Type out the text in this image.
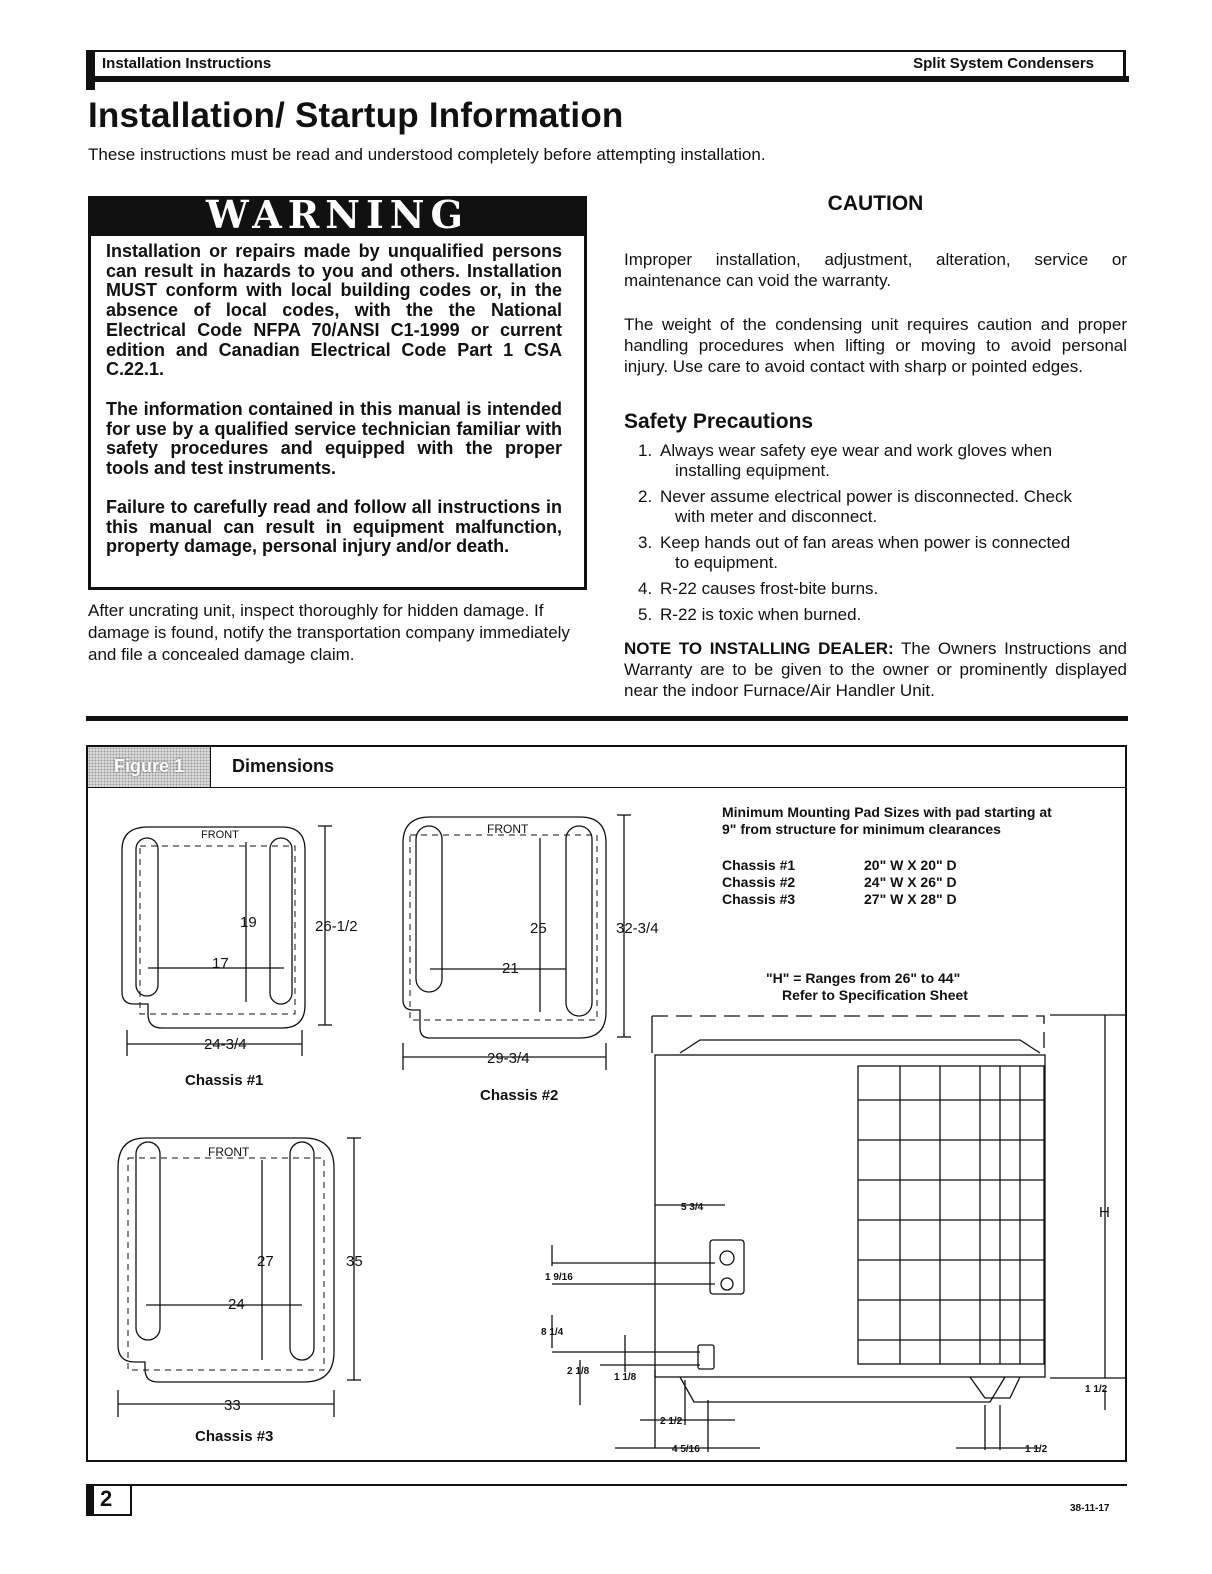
Installation Instructions	Split System Condensers
Installation/ Startup Information
These instructions must be read and understood completely before attempting installation.
WARNING
Installation or repairs made by unqualified persons can result in hazards to you and others. Installation MUST conform with local building codes or, in the absence of local codes, with the the National Electrical Code NFPA 70/ANSI C1-1999 or current edition and Canadian Electrical Code Part 1 CSA C.22.1.
The information contained in this manual is intended for use by a qualified service technician familiar with safety procedures and equipped with the proper tools and test instruments.
Failure to carefully read and follow all instructions in this manual can result in equipment malfunction, property damage, personal injury and/or death.
After uncrating unit, inspect thoroughly for hidden damage. If damage is found, notify the transportation company immediately and file a concealed damage claim.
CAUTION
Improper installation, adjustment, alteration, service or maintenance can void the warranty.
The weight of the condensing unit requires caution and proper handling procedures when lifting or moving to avoid personal injury. Use care to avoid contact with sharp or pointed edges.
Safety Precautions
1. Always wear safety eye wear and work gloves when
installing equipment.
2. Never assume electrical power is disconnected. Check
with meter and disconnect.
3. Keep hands out of fan areas when power is connected
to equipment.
4. R-22 causes frost-bite burns.
5. R-22 is toxic when burned.
NOTE TO INSTALLING DEALER: The Owners Instructions and Warranty are to be given to the owner or prominently displayed near the indoor Furnace/Air Handler Unit.
Figure 1	Dimensions
Minimum Mounting Pad Sizes with pad starting at
9" from structure for minimum clearances
Chassis #1	20" W X 20" D
Chassis #2	24" W X 26" D
Chassis #3	27" W X 28" D
"H" = Ranges from 26" to 44"
Refer to Specification Sheet
FRONT
19
17
26-1/2
24-3/4
Chassis #1
FRONT
25
21
32-3/4
29-3/4
Chassis #2
FRONT
27
24
35
33
Chassis #3
H
5 3/4
1 9/16
8 1/4
2 1/8
1 1/8
2 1/2
4 5/16
1 1/2
1 1/2
2	38-11-17
